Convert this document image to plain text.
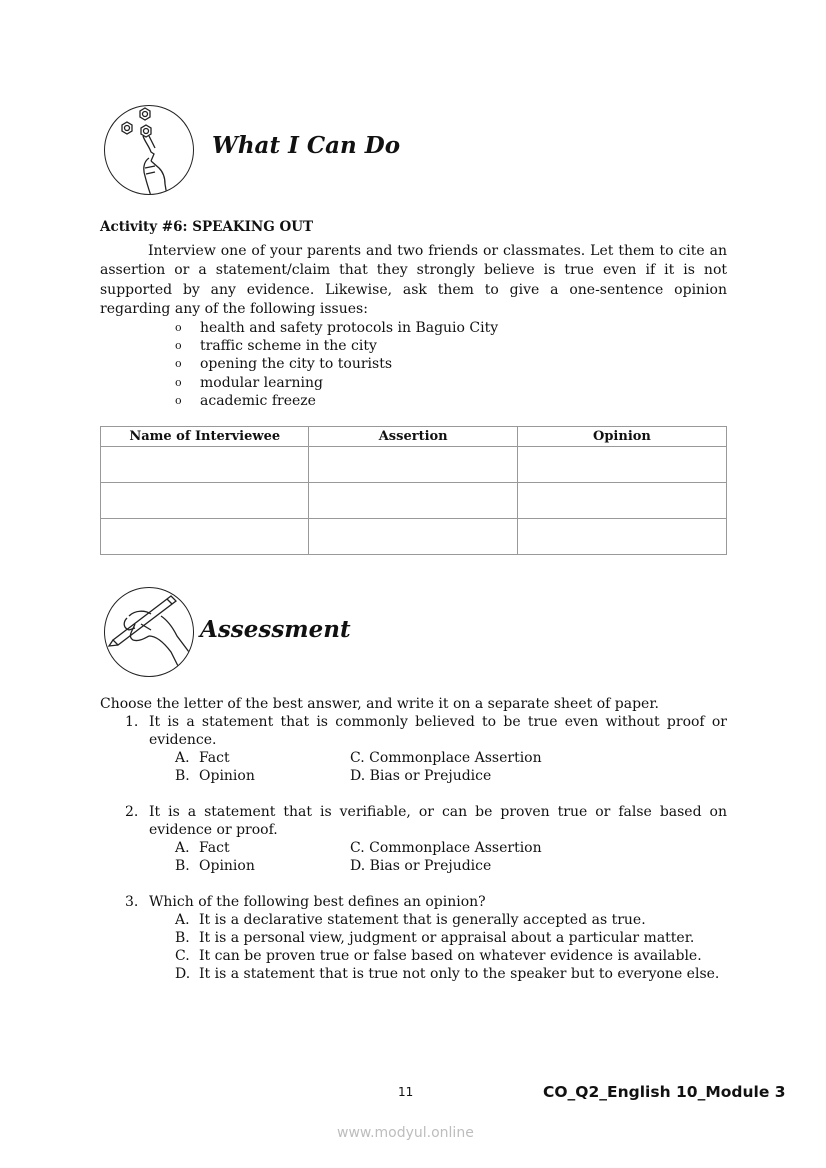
What I Can Do
Activity #6: SPEAKING OUT
Interview one of your parents and two friends or classmates. Let them to cite an assertion or a statement/claim that they strongly believe is true even if it is not supported by any evidence. Likewise, ask them to give a one-sentence opinion regarding any of the following issues:
o	health and safety protocols in Baguio City
o	traffic scheme in the city
o	opening the city to tourists
o	modular learning
o	academic freeze
Name of Interviewee	Assertion	Opinion

Assessment
Choose the letter of the best answer, and write it on a separate sheet of paper.
1. It is a statement that is commonly believed to be true even without proof or evidence.
A. Fact
B. Opinion
C. Commonplace Assertion
D. Bias or Prejudice
2. It is a statement that is verifiable, or can be proven true or false based on evidence or proof.
A. Fact
B. Opinion
C. Commonplace Assertion
D. Bias or Prejudice
3. Which of the following best defines an opinion?
A. It is a declarative statement that is generally accepted as true.
B. It is a personal view, judgment or appraisal about a particular matter.
C. It can be proven true or false based on whatever evidence is available.
D. It is a statement that is true not only to the speaker but to everyone else.
11	CO_Q2_English 10_Module 3
www.modyul.online
